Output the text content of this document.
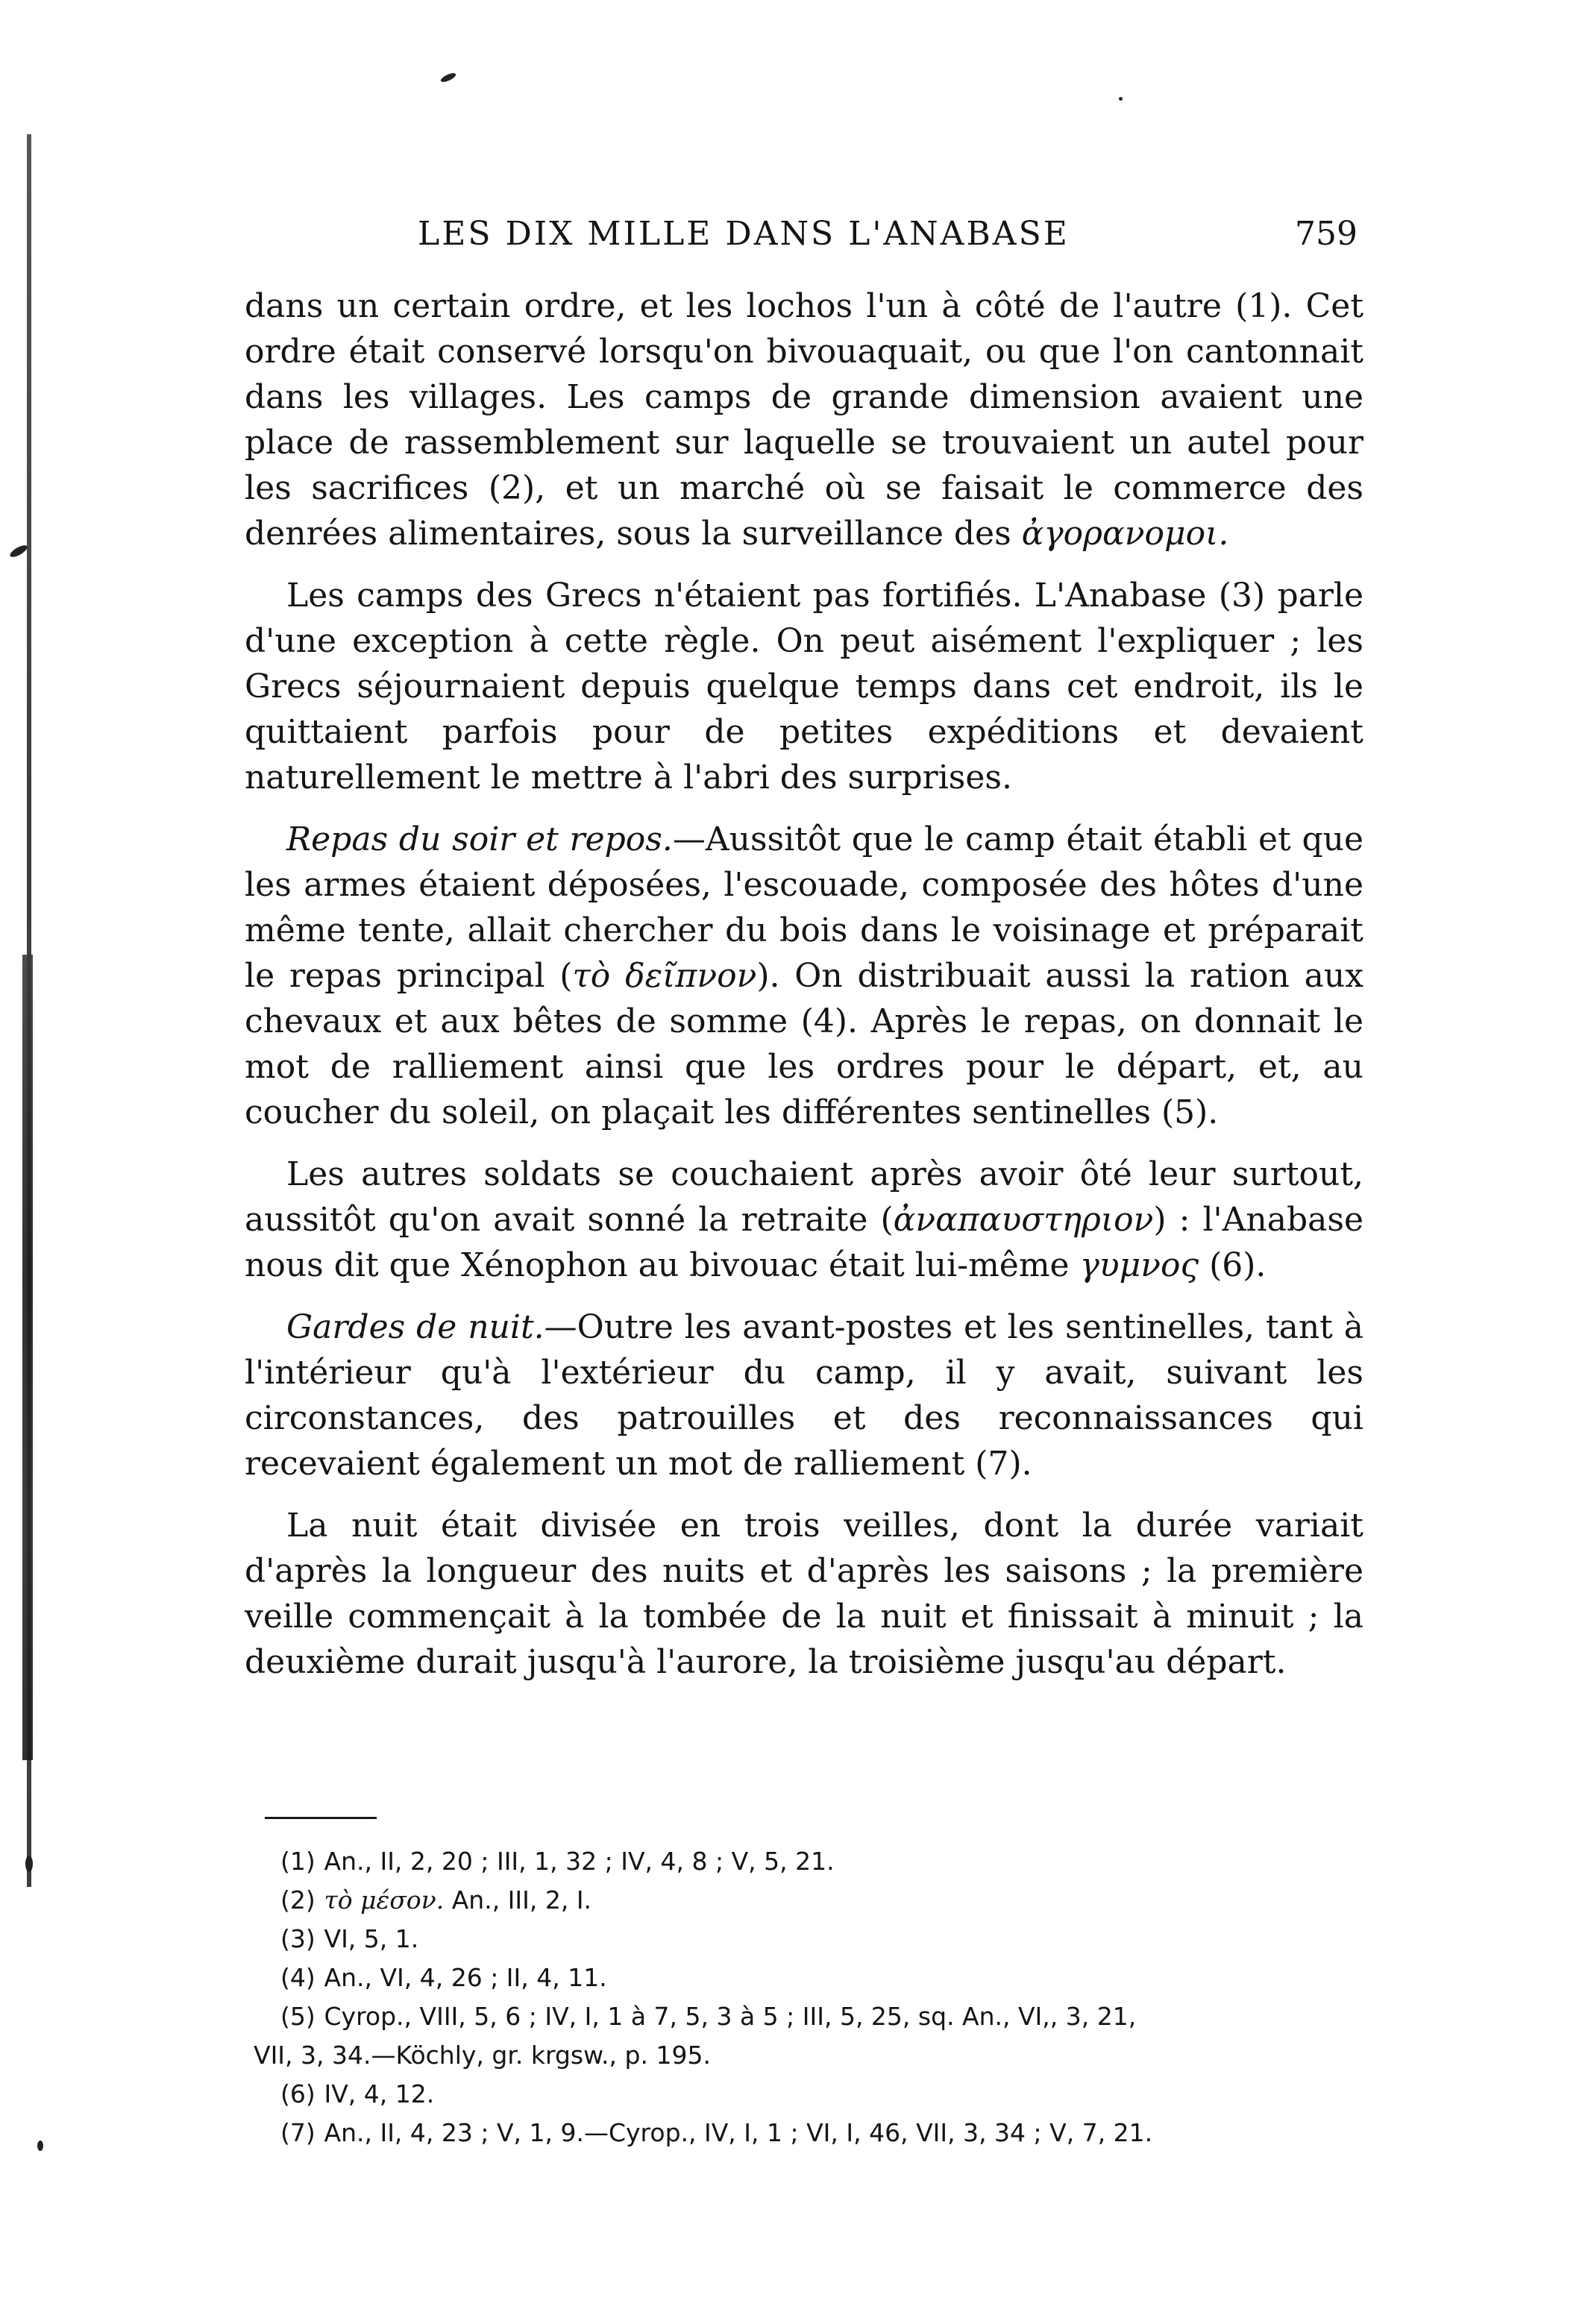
LES DIX MILLE DANS L'ANABASE	759

dans un certain ordre, et les lochos l'un à côté de l'autre (1). Cet ordre était conservé lorsqu'on bivouaquait, ou que l'on cantonnait dans les villages. Les camps de grande dimension avaient une place de rassemblement sur laquelle se trouvaient un autel pour les sacrifices (2), et un marché où se faisait le commerce des denrées alimentaires, sous la surveillance des ἀγορανομοι.

Les camps des Grecs n'étaient pas fortifiés. L'Anabase (3) parle d'une exception à cette règle. On peut aisément l'expliquer ; les Grecs séjournaient depuis quelque temps dans cet endroit, ils le quittaient parfois pour de petites expéditions et devaient naturellement le mettre à l'abri des surprises.

Repas du soir et repos.—Aussitôt que le camp était établi et que les armes étaient déposées, l'escouade, composée des hôtes d'une même tente, allait chercher du bois dans le voisinage et préparait le repas principal (τὸ δεῖπνον). On distribuait aussi la ration aux chevaux et aux bêtes de somme (4). Après le repas, on donnait le mot de ralliement ainsi que les ordres pour le départ, et, au coucher du soleil, on plaçait les différentes sentinelles (5).

Les autres soldats se couchaient après avoir ôté leur surtout, aussitôt qu'on avait sonné la retraite (ἀναπαυστηριον) : l'Anabase nous dit que Xénophon au bivouac était lui-même γυμνος (6).

Gardes de nuit.—Outre les avant-postes et les sentinelles, tant à l'intérieur qu'à l'extérieur du camp, il y avait, suivant les circonstances, des patrouilles et des reconnaissances qui recevaient également un mot de ralliement (7).

La nuit était divisée en trois veilles, dont la durée variait d'après la longueur des nuits et d'après les saisons ; la première veille commençait à la tombée de la nuit et finissait à minuit ; la deuxième durait jusqu'à l'aurore, la troisième jusqu'au départ.

(1) An., II, 2, 20 ; III, 1, 32 ; IV, 4, 8 ; V, 5, 21.

(2) τὸ μέσον. An., III, 2, I.

(3) VI, 5, 1.

(4) An., VI, 4, 26 ; II, 4, 11.

(5) Cyrop., VIII, 5, 6 ; IV, I, 1 à 7, 5, 3 à 5 ; III, 5, 25, sq. An., VI,, 3, 21,

VII, 3, 34.—Köchly, gr. krgsw., p. 195.

(6) IV, 4, 12.

(7) An., II, 4, 23 ; V, 1, 9.—Cyrop., IV, I, 1 ; VI, I, 46, VII, 3, 34 ; V, 7, 21.
